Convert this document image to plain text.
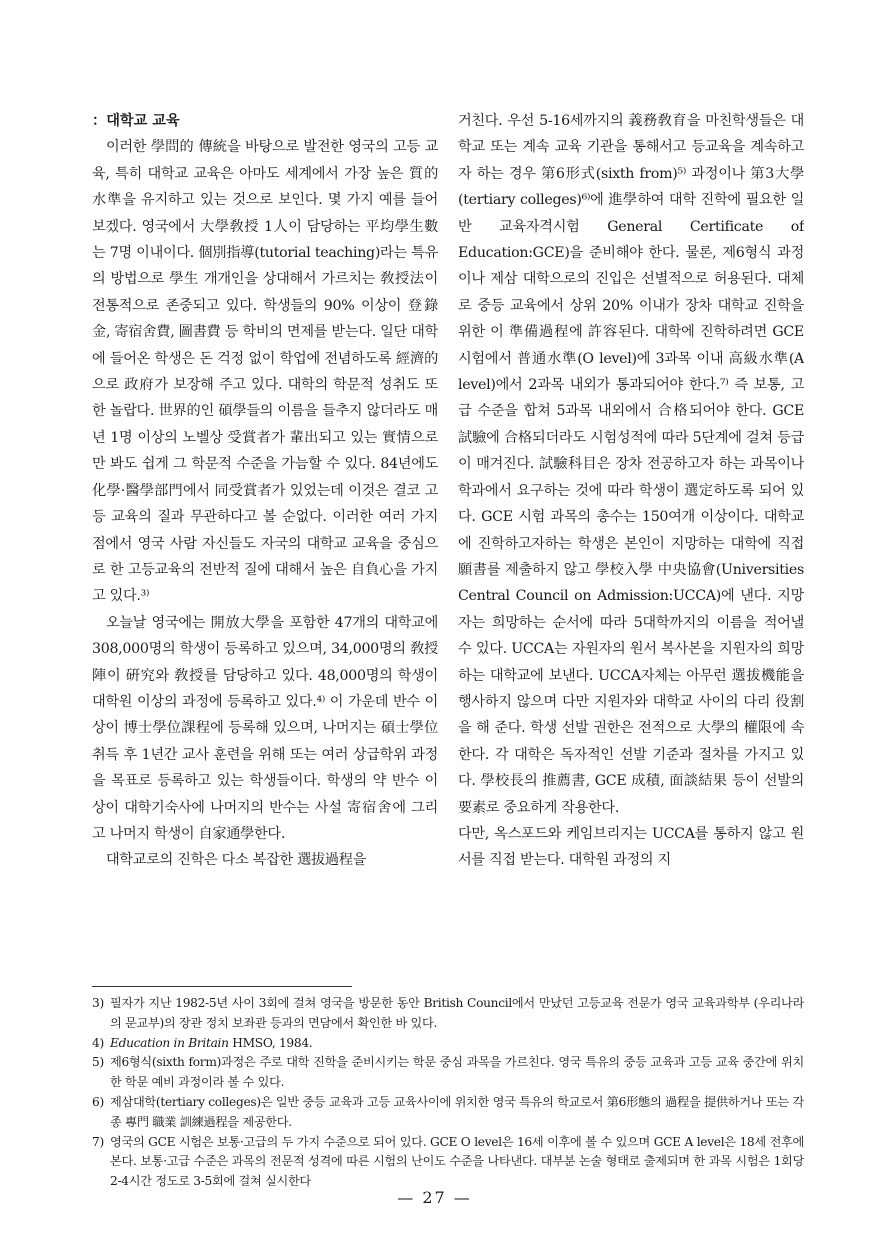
：대학교 교육

이러한 學問的 傳統을 바탕으로 발전한 영국의 고등 교육, 특히 대학교 교육은 아마도 세계에서 가장 높은 質的 水準을 유지하고 있는 것으로 보인다. 몇 가지 예를 들어 보겠다. 영국에서 大學敎授 1人이 담당하는 平均學生數는 7명 이내이다. 個別指導(tutorial teaching)라는 특유의 방법으로 學生 개개인을 상대해서 가르치는 敎授法이 전통적으로 존중되고 있다. 학생들의 90% 이상이 登錄金, 寄宿舍費, 圖書費 등 학비의 면제를 받는다. 일단 대학에 들어온 학생은 돈 걱정 없이 학업에 전념하도록 經濟的으로 政府가 보장해 주고 있다. 대학의 학문적 성취도 또한 놀랍다. 世界的인 碩學들의 이름을 들추지 않더라도 매년 1명 이상의 노벨상 受賞者가 輩出되고 있는 實情으로만 봐도 쉽게 그 학문적 수준을 가늠할 수 있다. 84년에도 化學·醫學部門에서 同受賞者가 있었는데 이것은 결코 고등 교육의 질과 무관하다고 볼 순없다. 이러한 여러 가지 점에서 영국 사람 자신들도 자국의 대학교 교육을 중심으로 한 고등교육의 전반적 질에 대해서 높은 自負心을 가지고 있다.³⁾

오늘날 영국에는 開放大學을 포함한 47개의 대학교에 308,000명의 학생이 등록하고 있으며, 34,000명의 敎授陣이 硏究와 敎授를 담당하고 있다. 48,000명의 학생이 대학원 이상의 과정에 등록하고 있다.⁴⁾ 이 가운데 반수 이상이 博士學位課程에 등록해 있으며, 나머지는 碩士學位 취득 후 1년간 교사 훈련을 위해 또는 여러 상급학위 과정을 목표로 등록하고 있는 학생들이다. 학생의 약 반수 이상이 대학기숙사에 나머지의 반수는 사설 寄宿舍에 그리고 나머지 학생이 自家通學한다.

대학교로의 진학은 다소 복잡한 選拔過程을

거친다. 우선 5-16세까지의 義務敎育을 마친학생들은 대학교 또는 계속 교육 기관을 통해서고 등교육을 계속하고자 하는 경우 第6形式(sixth from)⁵⁾ 과정이나 第3大學(tertiary colleges)⁶⁾에 進學하여 대학 진학에 필요한 일반 교육자격시험 General Certificate of Education:GCE)을 준비해야 한다. 물론, 제6형식 과정이나 제삼 대학으로의 진입은 선별적으로 허용된다. 대체로 중등 교육에서 상위 20% 이내가 장차 대학교 진학을 위한 이 準備過程에 許容된다. 대학에 진학하려면 GCE 시험에서 普通水準(O level)에 3과목 이내 高級水準(A level)에서 2과목 내외가 통과되어야 한다.⁷⁾ 즉 보통, 고급 수준을 합쳐 5과목 내외에서 合格되어야 한다. GCE 試驗에 合格되더라도 시험성적에 따라 5단계에 걸쳐 등급이 매겨진다. 試驗科目은 장차 전공하고자 하는 과목이나 학과에서 요구하는 것에 따라 학생이 選定하도록 되어 있다. GCE 시험 과목의 총수는 150여개 이상이다. 대학교에 진학하고자하는 학생은 본인이 지망하는 대학에 직접 願書를 제출하지 않고 學校入學 中央協會(Universities Central Council on Admission:UCCA)에 낸다. 지망자는 희망하는 순서에 따라 5대학까지의 이름을 적어낼 수 있다. UCCA는 자원자의 원서 복사본을 지원자의 희망하는 대학교에 보낸다. UCCA자체는 아무런 選拔機能을 행사하지 않으며 다만 지원자와 대학교 사이의 다리 役割을 해 준다. 학생 선발 권한은 전적으로 大學의 權限에 속한다. 각 대학은 독자적인 선발 기준과 절차를 가지고 있다. 學校長의 推薦書, GCE 成積, 面談結果 등이 선발의 要素로 중요하게 작용한다.

다만, 옥스포드와 케임브리지는 UCCA를 통하지 않고 원서를 직접 받는다. 대학원 과정의 지

3) 필자가 지난 1982-5년 사이 3회에 걸쳐 영국을 방문한 동안 British Council에서 만났던 고등교육 전문가 영국 교육과학부 (우리나라의 문교부)의 장관 정치 보좌관 등과의 면담에서 확인한 바 있다.
4) Education in Britain HMSO, 1984.
5) 제6형식(sixth form)과정은 주로 대학 진학을 준비시키는 학문 중심 과목을 가르친다. 영국 특유의 중등 교육과 고등 교육 중간에 위치한 학문 예비 과정이라 볼 수 있다.
6) 제삼대학(tertiary colleges)은 일반 중등 교육과 고등 교육사이에 위치한 영국 특유의 학교로서 第6形態의 過程을 提供하거나 또는 각종 專門 職業 訓練過程을 제공한다.
7) 영국의 GCE 시험은 보통·고급의 두 가지 수준으로 되어 있다. GCE O level은 16세 이후에 볼 수 있으며 GCE A level은 18세 전후에 본다. 보통·고급 수준은 과목의 전문적 성격에 따른 시험의 난이도 수준을 나타낸다. 대부분 논술 형태로 출제되며 한 과목 시험은 1회당 2-4시간 정도로 3-5회에 걸쳐 실시한다
— 27 —
